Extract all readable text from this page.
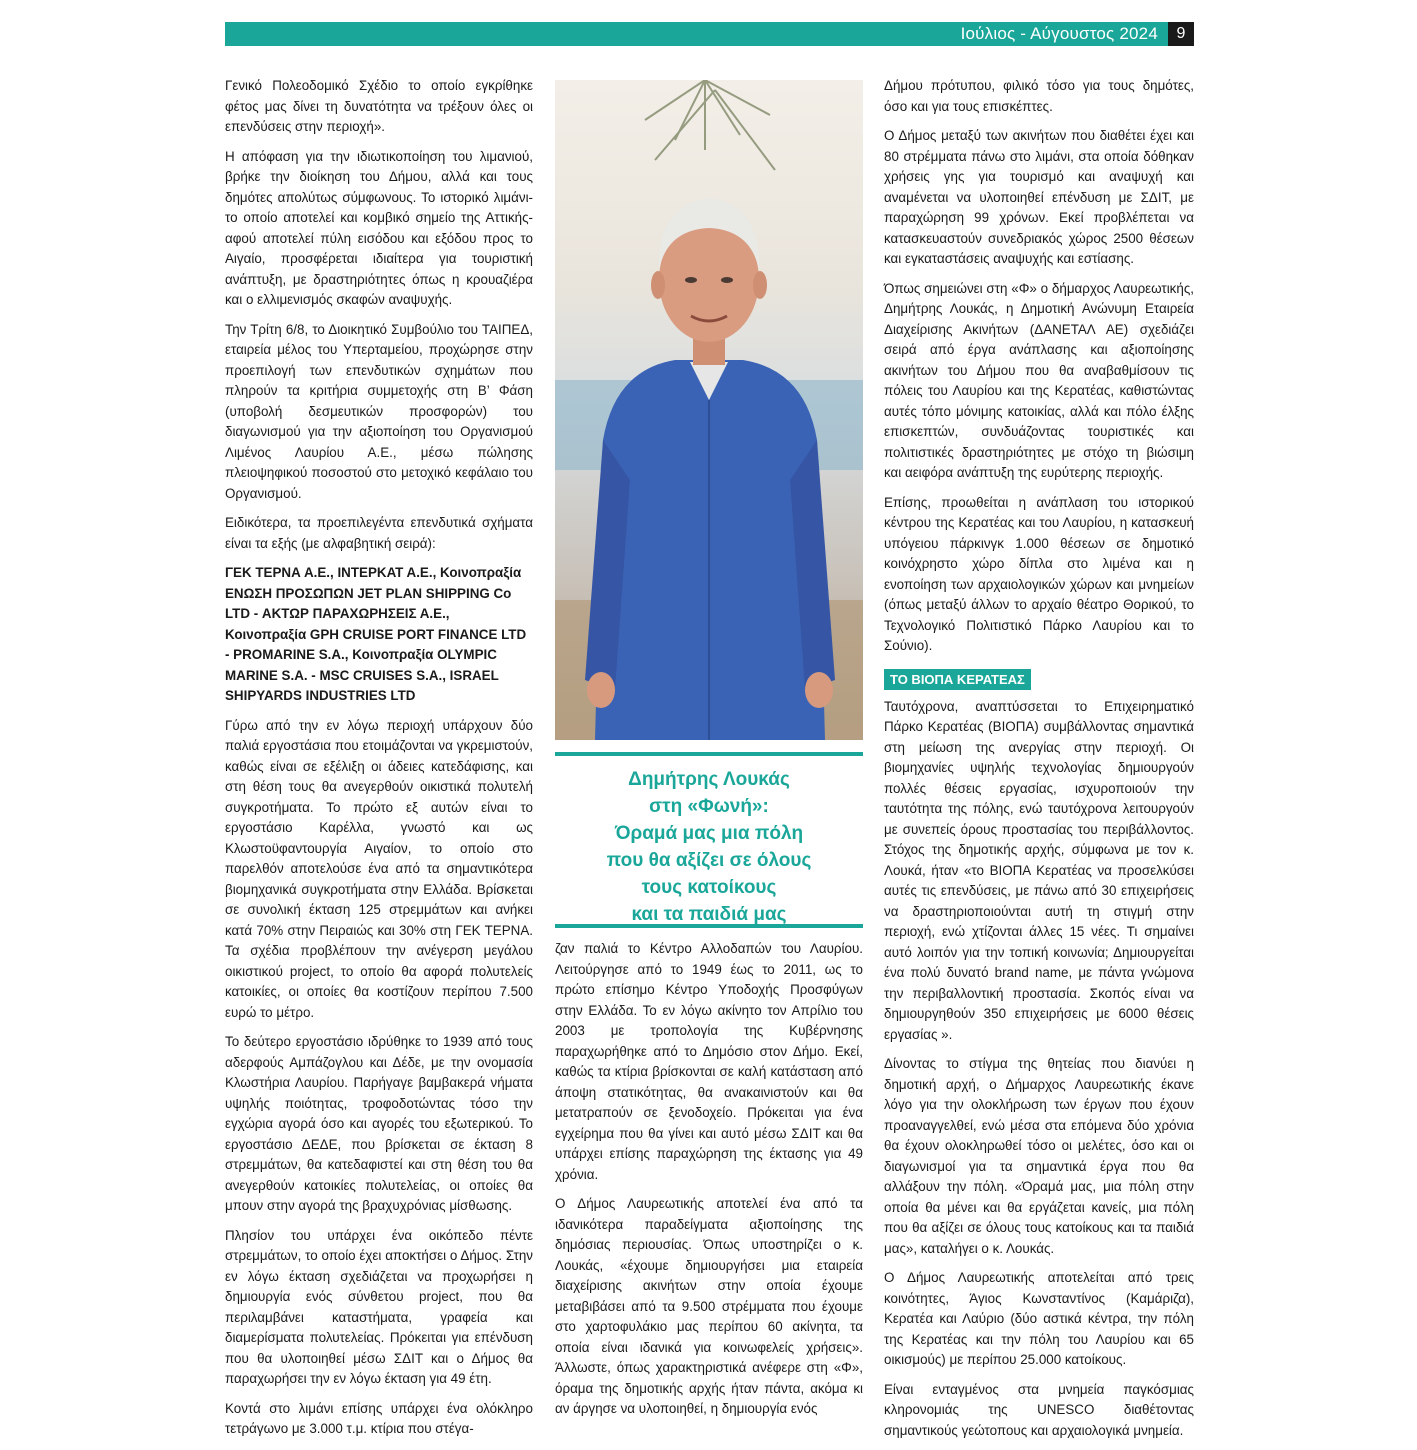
Ιούλιος - Αύγουστος 2024	9

Γενικό Πολεοδομικό Σχέδιο το οποίο εγκρίθηκε φέτος μας δίνει τη δυνατότητα να τρέξουν όλες οι επενδύσεις στην περιοχή».

Η απόφαση για την ιδιωτικοποίηση του λιμανιού, βρήκε την διοίκηση του Δήμου, αλλά και τους δημότες απολύτως σύμφωνους. Το ιστορικό λιμάνι- το οποίο αποτελεί και κομβικό σημείο της Αττικής- αφού αποτελεί πύλη εισόδου και εξόδου προς το Αιγαίο, προσφέρεται ιδιαίτερα για τουριστική ανάπτυξη, με δραστηριότητες όπως η κρουαζιέρα και ο ελλιμενισμός σκαφών αναψυχής.

Την Τρίτη 6/8, το Διοικητικό Συμβούλιο του ΤΑΙΠΕΔ, εταιρεία μέλος του Υπερταμείου, προχώρησε στην προεπιλογή των επενδυτικών σχημάτων που πληρούν τα κριτήρια συμμετοχής στη Β’ Φάση (υποβολή δεσμευτικών προσφορών) του διαγωνισμού για την αξιοποίηση του Οργανισμού Λιμένος Λαυρίου Α.Ε., μέσω πώλησης πλειοψηφικού ποσοστού στο μετοχικό κεφάλαιο του Οργανισμού.

Ειδικότερα, τα προεπιλεγέντα επενδυτικά σχήματα είναι τα εξής (με αλφαβητική σειρά):

ΓΕΚ ΤΕΡΝΑ Α.Ε., ΙΝΤΕΡΚΑΤ Α.Ε., Κοινοπραξία ΕΝΩΣΗ ΠΡΟΣΩΠΩΝ JET PLAN SHIPPING Co LTD - ΑΚΤΩΡ ΠΑΡΑΧΩΡΗΣΕΙΣ Α.Ε., Κοινοπραξία GPH CRUISE PORT FINANCE LTD - PROMARINE S.A., Κοινοπραξία OLYMPIC MARINE S.A. - MSC CRUISES S.A., ISRAEL SHIPYARDS INDUSTRIES LTD

Γύρω από την εν λόγω περιοχή υπάρχουν δύο παλιά εργοστάσια που ετοιμάζονται να γκρεμιστούν, καθώς είναι σε εξέλιξη οι άδειες κατεδάφισης, και στη θέση τους θα ανεγερθούν οικιστικά πολυτελή συγκροτήματα. Το πρώτο εξ αυτών είναι το εργοστάσιο Καρέλλα, γνωστό και ως Κλωστοϋφαντουργία Αιγαίον, το οποίο στο παρελθόν αποτελούσε ένα από τα σημαντικότερα βιομηχανικά συγκροτήματα στην Ελλάδα. Βρίσκεται σε συνολική έκταση 125 στρεμμάτων και ανήκει κατά 70% στην Πειραιώς και 30% στη ΓΕΚ ΤΕΡΝΑ. Τα σχέδια προβλέπουν την ανέγερση μεγάλου οικιστικού project, το οποίο θα αφορά πολυτελείς κατοικίες, οι οποίες θα κοστίζουν περίπου 7.500 ευρώ το μέτρο.

Το δεύτερο εργοστάσιο ιδρύθηκε το 1939 από τους αδερφούς Αμπάζογλου και Δέδε, με την ονομασία Κλωστήρια Λαυρίου. Παρήγαγε βαμβακερά νήματα υψηλής ποιότητας, τροφοδοτώντας τόσο την εγχώρια αγορά όσο και αγορές του εξωτερικού. Το εργοστάσιο ΔΕΔΕ, που βρίσκεται σε έκταση 8 στρεμμάτων, θα κατεδαφιστεί και στη θέση του θα ανεγερθούν κατοικίες πολυτελείας, οι οποίες θα μπουν στην αγορά της βραχυχρόνιας μίσθωσης.

Πλησίον του υπάρχει ένα οικόπεδο πέντε στρεμμάτων, το οποίο έχει αποκτήσει ο Δήμος. Στην εν λόγω έκταση σχεδιάζεται να προχωρήσει η δημιουργία ενός σύνθετου project, που θα περιλαμβάνει καταστήματα, γραφεία και διαμερίσματα πολυτελείας. Πρόκειται για επένδυση που θα υλοποιηθεί μέσω ΣΔΙΤ και ο Δήμος θα παραχωρήσει την εν λόγω έκταση για 49 έτη.

Κοντά στο λιμάνι επίσης υπάρχει ένα ολόκληρο τετράγωνο με 3.000 τ.μ. κτίρια που στέγα-

Δημήτρης Λουκάς
στη «Φωνή»:
Όραμά μας μια πόλη
που θα αξίζει σε όλους
τους κατοίκους
και τα παιδιά μας

ζαν παλιά το Κέντρο Αλλοδαπών του Λαυρίου. Λειτούργησε από το 1949 έως το 2011, ως το πρώτο επίσημο Κέντρο Υποδοχής Προσφύγων στην Ελλάδα. Το εν λόγω ακίνητο τον Απρίλιο του 2003 με τροπολογία της Κυβέρνησης παραχωρήθηκε από το Δημόσιο στον Δήμο. Εκεί, καθώς τα κτίρια βρίσκονται σε καλή κατάσταση από άποψη στατικότητας, θα ανακαινιστούν και θα μετατραπούν σε ξενοδοχείο. Πρόκειται για ένα εγχείρημα που θα γίνει και αυτό μέσω ΣΔΙΤ και θα υπάρχει επίσης παραχώρηση της έκτασης για 49 χρόνια.

Ο Δήμος Λαυρεωτικής αποτελεί ένα από τα ιδανικότερα παραδείγματα αξιοποίησης της δημόσιας περιουσίας. Όπως υποστηρίζει ο κ. Λουκάς, «έχουμε δημιουργήσει μια εταιρεία διαχείρισης ακινήτων στην οποία έχουμε μεταβιβάσει από τα 9.500 στρέμματα που έχουμε στο χαρτοφυλάκιο μας περίπου 60 ακίνητα, τα οποία είναι ιδανικά για κοινωφελείς χρήσεις». Άλλωστε, όπως χαρακτηριστικά ανέφερε στη «Φ», όραμα της δημοτικής αρχής ήταν πάντα, ακόμα κι αν άργησε να υλοποιηθεί, η δημιουργία ενός

Δήμου πρότυπου, φιλικό τόσο για τους δημότες, όσο και για τους επισκέπτες.

Ο Δήμος μεταξύ των ακινήτων που διαθέτει έχει και 80 στρέμματα πάνω στο λιμάνι, στα οποία δόθηκαν χρήσεις γης για τουρισμό και αναψυχή και αναμένεται να υλοποιηθεί επένδυση με ΣΔΙΤ, με παραχώρηση 99 χρόνων. Εκεί προβλέπεται να κατασκευαστούν συνεδριακός χώρος 2500 θέσεων και εγκαταστάσεις αναψυχής και εστίασης.

Όπως σημειώνει στη «Φ» ο δήμαρχος Λαυρεωτικής, Δημήτρης Λουκάς, η Δημοτική Ανώνυμη Εταιρεία Διαχείρισης Ακινήτων (ΔΑΝΕΤΑΛ ΑΕ) σχεδιάζει σειρά από έργα ανάπλασης και αξιοποίησης ακινήτων του Δήμου που θα αναβαθμίσουν τις πόλεις του Λαυρίου και της Κερατέας, καθιστώντας αυτές τόπο μόνιμης κατοικίας, αλλά και πόλο έλξης επισκεπτών, συνδυάζοντας τουριστικές και πολιτιστικές δραστηριότητες με στόχο τη βιώσιμη και αειφόρα ανάπτυξη της ευρύτερης περιοχής.

Επίσης, προωθείται η ανάπλαση του ιστορικού κέντρου της Κερατέας και του Λαυρίου, η κατασκευή υπόγειου πάρκινγκ 1.000 θέσεων σε δημοτικό κοινόχρηστο χώρο δίπλα στο λιμένα και η ενοποίηση των αρχαιολογικών χώρων και μνημείων (όπως μεταξύ άλλων το αρχαίο θέατρο Θορικού, το Τεχνολογικό Πολιτιστικό Πάρκο Λαυρίου και το Σούνιο).

ΤΟ ΒΙΟΠΑ ΚΕΡΑΤΕΑΣ

Ταυτόχρονα, αναπτύσσεται το Επιχειρηματικό Πάρκο Κερατέας (ΒΙΟΠΑ) συμβάλλοντας σημαντικά στη μείωση της ανεργίας στην περιοχή. Οι βιομηχανίες υψηλής τεχνολογίας δημιουργούν πολλές θέσεις εργασίας, ισχυροποιούν την ταυτότητα της πόλης, ενώ ταυτόχρονα λειτουργούν με συνεπείς όρους προστασίας του περιβάλλοντος. Στόχος της δημοτικής αρχής, σύμφωνα με τον κ. Λουκά, ήταν «το ΒΙΟΠΑ Κερατέας να προσελκύσει αυτές τις επενδύσεις, με πάνω από 30 επιχειρήσεις να δραστηριοποιούνται αυτή τη στιγμή στην περιοχή, ενώ χτίζονται άλλες 15 νέες. Τι σημαίνει αυτό λοιπόν για την τοπική κοινωνία; Δημιουργείται ένα πολύ δυνατό brand name, με πάντα γνώμονα την περιβαλλοντική προστασία. Σκοπός είναι να δημιουργηθούν 350 επιχειρήσεις με 6000 θέσεις εργασίας ».

Δίνοντας το στίγμα της θητείας που διανύει η δημοτική αρχή, ο Δήμαρχος Λαυρεωτικής έκανε λόγο για την ολοκλήρωση των έργων που έχουν προαναγγελθεί, ενώ μέσα στα επόμενα δύο χρόνια θα έχουν ολοκληρωθεί τόσο οι μελέτες, όσο και οι διαγωνισμοί για τα σημαντικά έργα που θα αλλάξουν την πόλη. «Όραμά μας, μια πόλη στην οποία θα μένει και θα εργάζεται κανείς, μια πόλη που θα αξίζει σε όλους τους κατοίκους και τα παιδιά μας», καταλήγει ο κ. Λουκάς.

Ο Δήμος Λαυρεωτικής αποτελείται από τρεις κοινότητες, Άγιος Κωνσταντίνος (Καμάριζα), Κερατέα και Λαύριο (δύο αστικά κέντρα, την πόλη της Κερατέας και την πόλη του Λαυρίου και 65 οικισμούς) με περίπου 25.000 κατοίκους.

Είναι ενταγμένος στα μνημεία παγκόσμιας κληρονομιάς της UNESCO διαθέτοντας σημαντικούς γεώτοπους και αρχαιολογικά μνημεία.
